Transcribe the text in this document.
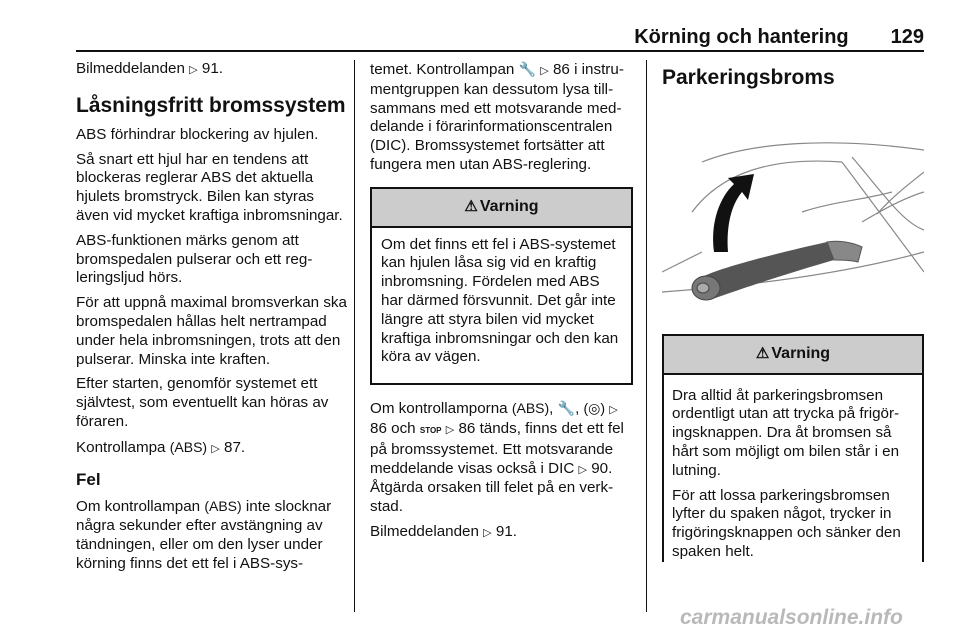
Körning och hantering 129

Bilmeddelanden ▷ 91.

Låsningsfritt bromssystem

ABS förhindrar blockering av hjulen.

Så snart ett hjul har en tendens att blockeras reglerar ABS det aktuella hjulets bromstryck. Bilen kan styras även vid mycket kraftiga inbromsningar.

ABS-funktionen märks genom att bromspedalen pulserar och ett regleringsljud hörs.

För att uppnå maximal bromsverkan ska bromspedalen hållas helt nertrampad under hela inbromsningen, trots att den pulserar. Minska inte kraften.

Efter starten, genomför systemet ett självtest, som eventuellt kan höras av föraren.

Kontrollampa (ABS) ▷ 87.

Fel

Om kontrollampan (ABS) inte slocknar några sekunder efter avstängning av tändningen, eller om den lyser under körning finns det ett fel i ABS-sys-

temet. Kontrollampan 🔧 ▷ 86 i instrumentgruppen kan dessutom lysa tillsammans med ett motsvarande meddelande i förarinformationscentralen (DIC). Bromssystemet fortsätter att fungera men utan ABS-reglering.

⚠ Varning

Om det finns ett fel i ABS-systemet kan hjulen låsa sig vid en kraftig inbromsning. Fördelen med ABS har därmed försvunnit. Det går inte längre att styra bilen vid mycket kraftiga inbromsningar och den kan köra av vägen.

Om kontrollamporna (ABS), 🔧, (◎) ▷ 86 och STOP ▷ 86 tänds, finns det ett fel på bromssystemet. Ett motsvarande meddelande visas också i DIC ▷ 90. Åtgärda orsaken till felet på en verkstad.

Bilmeddelanden ▷ 91.

Parkeringsbroms
⚠ Varning

Dra alltid åt parkeringsbromsen ordentligt utan att trycka på frigöringsknappen. Dra åt bromsen så hårt som möjligt om bilen står i en lutning.

För att lossa parkeringsbromsen lyfter du spaken något, trycker in frigöringsknappen och sänker den spaken helt.

carmanualsonline.info
